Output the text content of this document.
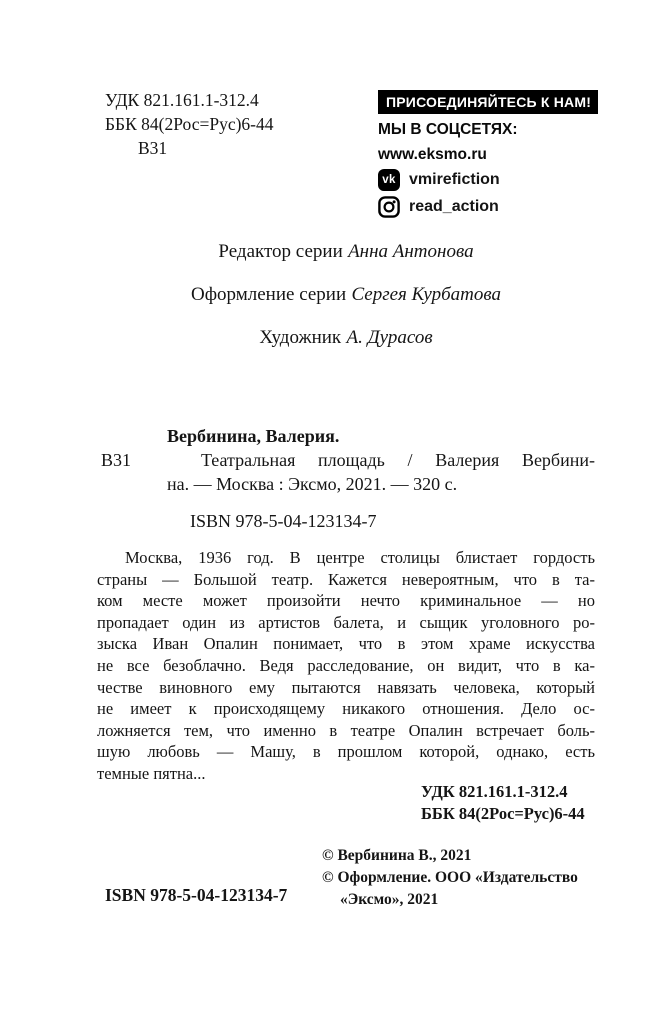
УДК 821.161.1-312.4
ББК 84(2Рос=Рус)6-44
В31
ПРИСОЕДИНЯЙТЕСЬ К НАМ!
МЫ В СОЦСЕТЯХ:
www.eksmo.ru
vk vmirefiction
read_action
Редактор серии Анна Антонова
Оформление серии Сергея Курбатова
Художник А. Дурасов
Вербинина, Валерия.
В31	Театральная площадь / Валерия Вербини-
на. — Москва : Эксмо, 2021. — 320 с.
ISBN 978-5-04-123134-7
Москва, 1936 год. В центре столицы блистает гордость
страны — Большой театр. Кажется невероятным, что в та-
ком месте может произойти нечто криминальное — но
пропадает один из артистов балета, и сыщик уголовного ро-
зыска Иван Опалин понимает, что в этом храме искусства
не все безоблачно. Ведя расследование, он видит, что в ка-
честве виновного ему пытаются навязать человека, который
не имеет к происходящему никакого отношения. Дело ос-
ложняется тем, что именно в театре Опалин встречает боль-
шую любовь — Машу, в прошлом которой, однако, есть
темные пятна...
УДК 821.161.1-312.4
ББК 84(2Рос=Рус)6-44
ISBN 978-5-04-123134-7
© Вербинина В., 2021
© Оформление. ООО «Издательство
«Эксмо», 2021
